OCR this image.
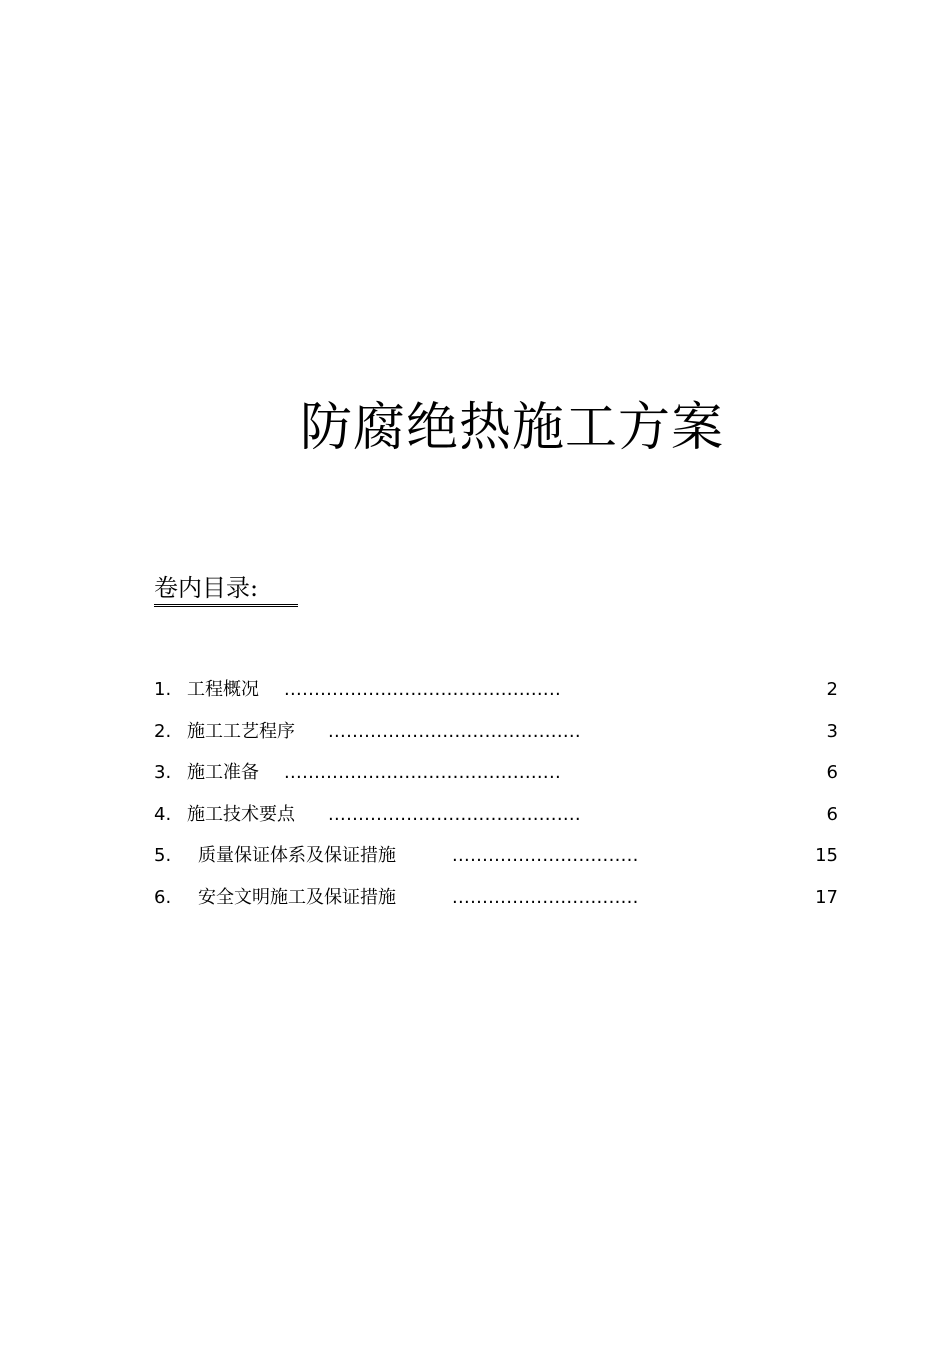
防腐绝热施工方案
卷内目录:
1. 工程概况 ..............................................	2
2. 施工工艺程序 ..........................................	3
3. 施工准备 ..............................................	6
4. 施工技术要点 ..........................................	6
5. 质量保证体系及保证措施	...............................	15
6. 安全文明施工及保证措施	...............................	17
